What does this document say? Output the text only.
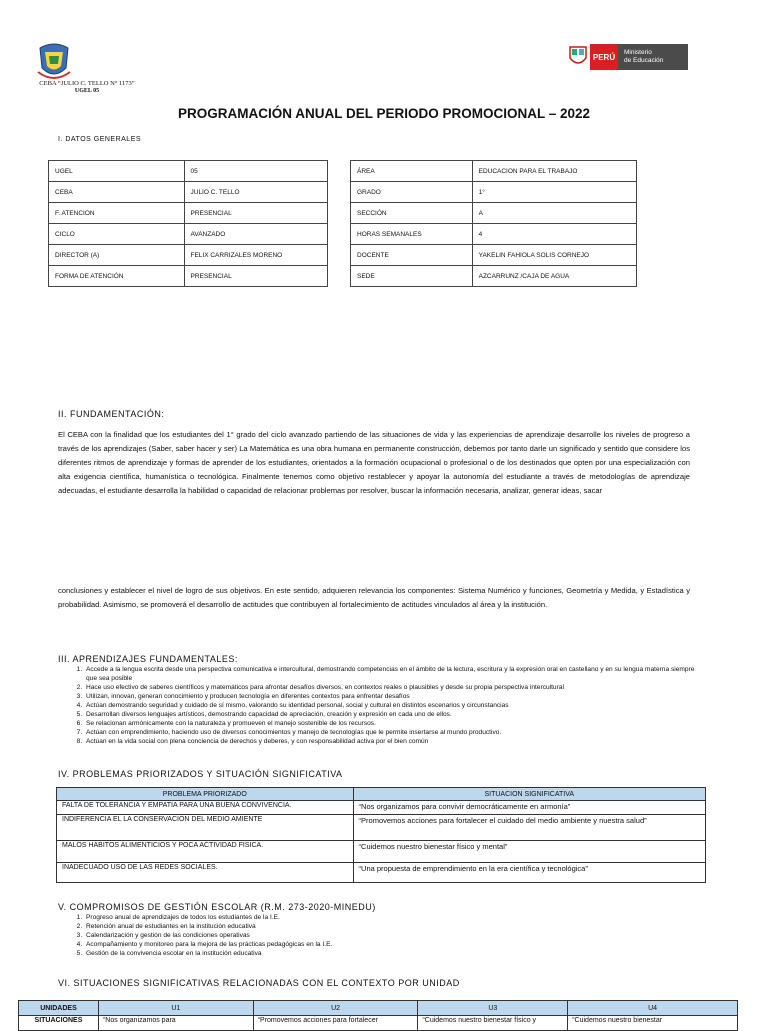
CEBA “JULIO C. TELLO N° 1173”
UGEL 05
PERÚ	Ministerio
de Educación
PROGRAMACIÓN ANUAL DEL PERIODO PROMOCIONAL – 2022
I. DATOS GENERALES
UGEL	05
CEBA	JULIO C. TELLO
F. ATENCION	PRESENCIAL
CICLO	AVANZADO
DIRECTOR (A)	FELIX CARRIZALES MORENO
FORMA DE ATENCIÓN	PRESENCIAL
ÁREA	EDUCACION PARA EL TRABAJO
GRADO	1°
SECCIÓN	A
HORAS SEMANALES	4
DOCENTE	YAKELIN FAHIOLA SOLIS CORNEJO
SEDE	AZCARRUNZ /CAJA DE AGUA
II. FUNDAMENTACIÓN:
El CEBA con la finalidad que los estudiantes del 1° grado del ciclo avanzado partiendo de las situaciones de vida y las experiencias de aprendizaje desarrolle los niveles de progreso a través de los aprendizajes (Saber, saber hacer y ser) La Matemática es una obra humana en permanente construcción, debemos por tanto darle un significado y sentido que considere los diferentes ritmos de aprendizaje y formas de aprender de los estudiantes, orientados a la formación ocupacional o profesional o de los destinados que opten por una especialización con alta exigencia científica, humanística o tecnológica. Finalmente tenemos como objetivo restablecer y apoyar la autonomía del estudiante a través de metodologías de aprendizaje adecuadas, el estudiante desarrolla la habilidad o capacidad de relacionar problemas por resolver, buscar la información necesaria, analizar, generar ideas, sacar
conclusiones y establecer el nivel de logro de sus objetivos. En este sentido, adquieren relevancia los componentes: Sistema Numérico y funciones, Geometría y Medida, y Estadística y probabilidad. Asimismo, se promoverá el desarrollo de actitudes que contribuyen al fortalecimiento de actitudes vinculados al área y la institución.
III. APRENDIZAJES FUNDAMENTALES:
1. Accede a la lengua escrita desde una perspectiva comunicativa e intercultural, demostrando competencias en el ámbito de la lectura, escritura y la expresión oral en castellano y en su lengua materna siempre que sea posible
2. Hace uso efectivo de saberes científicos y matemáticos para afrontar desafíos diversos, en contextos reales o plausibles y desde su propia perspectiva intercultural
3. Utilizan, innovan, generan conocimiento y producen tecnología en diferentes contextos para enfrentar desafíos
4. Actúan demostrando seguridad y cuidado de sí mismo, valorando su identidad personal, social y cultural en distintos escenarios y circunstancias
5. Desarrollan diversos lenguajes artísticos, demostrando capacidad de apreciación, creación y expresión en cada uno de ellos.
6. Se relacionan armónicamente con la naturaleza y promueven el manejo sostenible de los recursos.
7. Actúan con emprendimiento, haciendo uso de diversos conocimientos y manejo de tecnologías que le permite insertarse al mundo productivo.
8. Actúan en la vida social con plena conciencia de derechos y deberes, y con responsabilidad activa por el bien común
IV. PROBLEMAS PRIORIZADOS Y SITUACIÓN SIGNIFICATIVA
PROBLEMA PRIORIZADO	SITUACION SIGNIFICATIVA
FALTA DE TOLERANCIA Y EMPATIA PARA UNA BUENA CONVIVENCIA.	“Nos organizamos para convivir democráticamente en armonía”
INDIFERENCIA EL LA CONSERVACIÓN DEL MEDIO AMIENTE	“Promovemos acciones para fortalecer el cuidado del medio ambiente y nuestra salud”
MALOS HABITOS ALIMENTICIOS Y POCA ACTIVIDAD FISICA.	“Cuidemos nuestro bienestar físico y mental”
INADECUADO USO DE LAS REDES SOCIALES.	“Una propuesta de emprendimiento en la era científica y tecnológica”
V. COMPROMISOS DE GESTIÓN ESCOLAR (R.M. 273-2020-MINEDU)
1. Progreso anual de aprendizajes de todos los estudiantes de la I.E.
2. Retención anual de estudiantes en la institución educativa
3. Calendarización y gestión de las condiciones operativas
4. Acompañamiento y monitoreo para la mejora de las prácticas pedagógicas en la I.E.
5. Gestión de la convivencia escolar en la institución educativa
VI. SITUACIONES SIGNIFICATIVAS RELACIONADAS CON EL CONTEXTO POR UNIDAD
UNIDADES	U1	U2	U3	U4
SITUACIONES	“Nos organizamos para	“Promovemos acciones para fortalecer	“Cuidemos nuestro bienestar físico y	“Cuidemos nuestro bienestar
